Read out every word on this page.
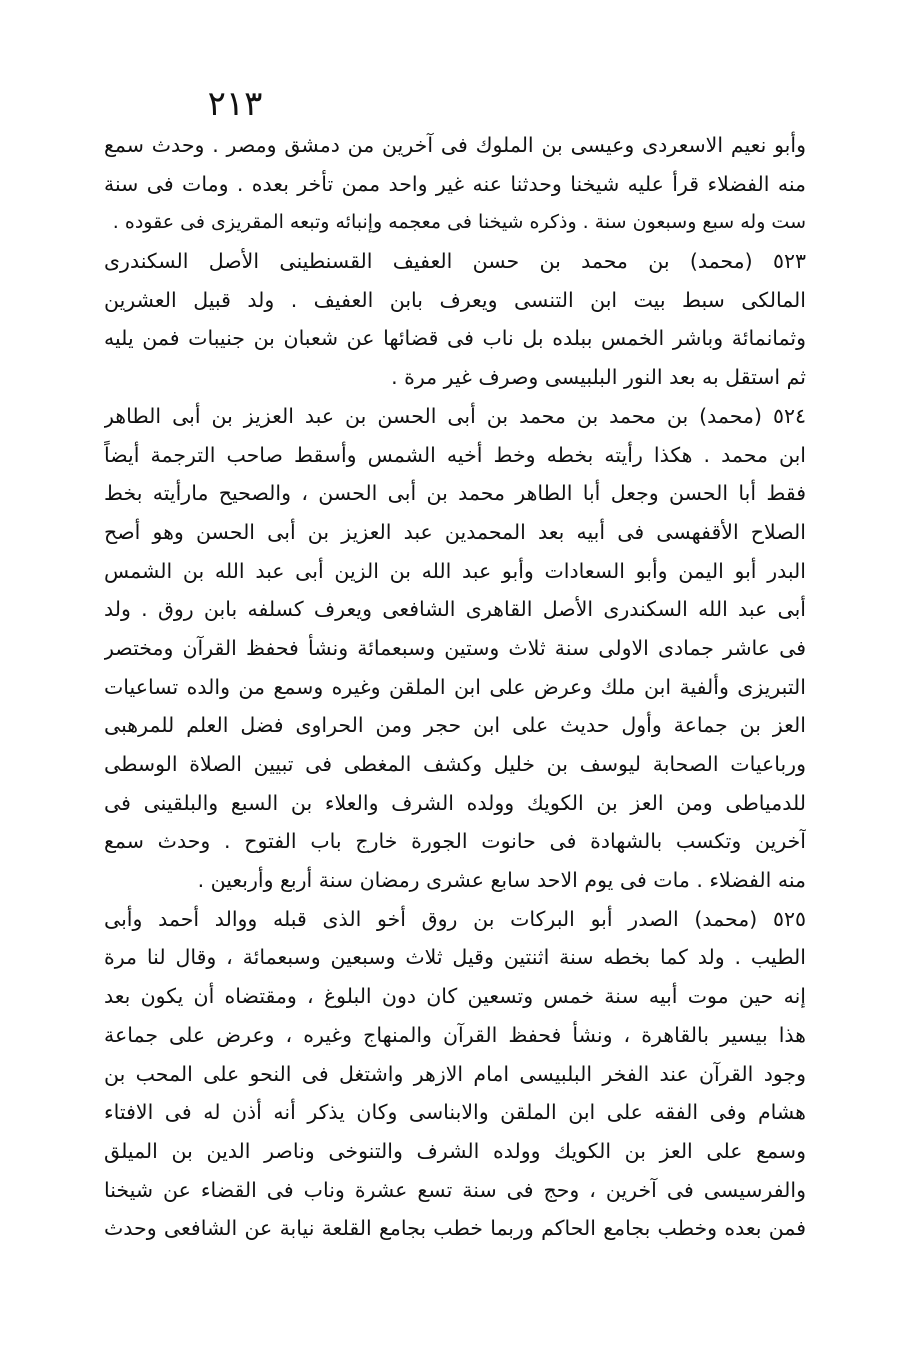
٢١٣
وأبو نعيم الاسعردى وعيسى بن الملوك فى آخرين من دمشق ومصر . وحدث سمع
منه الفضلاء قرأ عليه شيخنا وحدثنا عنه غير واحد ممن تأخر بعده . ومات فى سنة
ست وله سبع وسبعون سنة . وذكره شيخنا فى معجمه وإنبائه وتبعه المقريزى فى عقوده .
٥٢٣ (محمد) بن محمد بن حسن العفيف القسنطينى الأصل السكندرى
المالكى سبط بيت ابن التنسى ويعرف بابن العفيف . ولد قبيل العشرين
وثمانمائة وباشر الخمس ببلده بل ناب فى قضائها عن شعبان بن جنيبات فمن يليه
ثم استقل به بعد النور البلبيسى وصرف غير مرة .
٥٢٤ (محمد) بن محمد بن محمد بن أبى الحسن بن عبد العزيز بن أبى الطاهر
ابن محمد . هكذا رأيته بخطه وخط أخيه الشمس وأسقط صاحب الترجمة أيضاً
فقط أبا الحسن وجعل أبا الطاهر محمد بن أبى الحسن ، والصحيح مارأيته بخط
الصلاح الأقفهسى فى أبيه بعد المحمدين عبد العزيز بن أبى الحسن وهو أصح
البدر أبو اليمن وأبو السعادات وأبو عبد الله بن الزين أبى عبد الله بن الشمس
أبى عبد الله السكندرى الأصل القاهرى الشافعى ويعرف كسلفه بابن روق . ولد
فى عاشر جمادى الاولى سنة ثلاث وستين وسبعمائة ونشأ فحفظ القرآن ومختصر
التبريزى وألفية ابن ملك وعرض على ابن الملقن وغيره وسمع من والده تساعيات
العز بن جماعة وأول حديث على ابن حجر ومن الحراوى فضل العلم للمرهبى
ورباعيات الصحابة ليوسف بن خليل وكشف المغطى فى تبيين الصلاة الوسطى
للدمياطى ومن العز بن الكويك وولده الشرف والعلاء بن السبع والبلقينى فى
آخرين وتكسب بالشهادة فى حانوت الجورة خارج باب الفتوح . وحدث سمع
منه الفضلاء . مات فى يوم الاحد سابع عشرى رمضان سنة أربع وأربعين .
٥٢٥ (محمد) الصدر أبو البركات بن روق أخو الذى قبله ووالد أحمد وأبى
الطيب . ولد كما بخطه سنة اثنتين وقيل ثلاث وسبعين وسبعمائة ، وقال لنا مرة
إنه حين موت أبيه سنة خمس وتسعين كان دون البلوغ ، ومقتضاه أن يكون بعد
هذا بيسير بالقاهرة ، ونشأ فحفظ القرآن والمنهاج وغيره ، وعرض على جماعة
وجود القرآن عند الفخر البلبيسى امام الازهر واشتغل فى النحو على المحب بن
هشام وفى الفقه على ابن الملقن والابناسى وكان يذكر أنه أذن له فى الافتاء
وسمع على العز بن الكويك وولده الشرف والتنوخى وناصر الدين بن الميلق
والفرسيسى فى آخرين ، وحج فى سنة تسع عشرة وناب فى القضاء عن شيخنا
فمن بعده وخطب بجامع الحاكم وربما خطب بجامع القلعة نيابة عن الشافعى وحدث
